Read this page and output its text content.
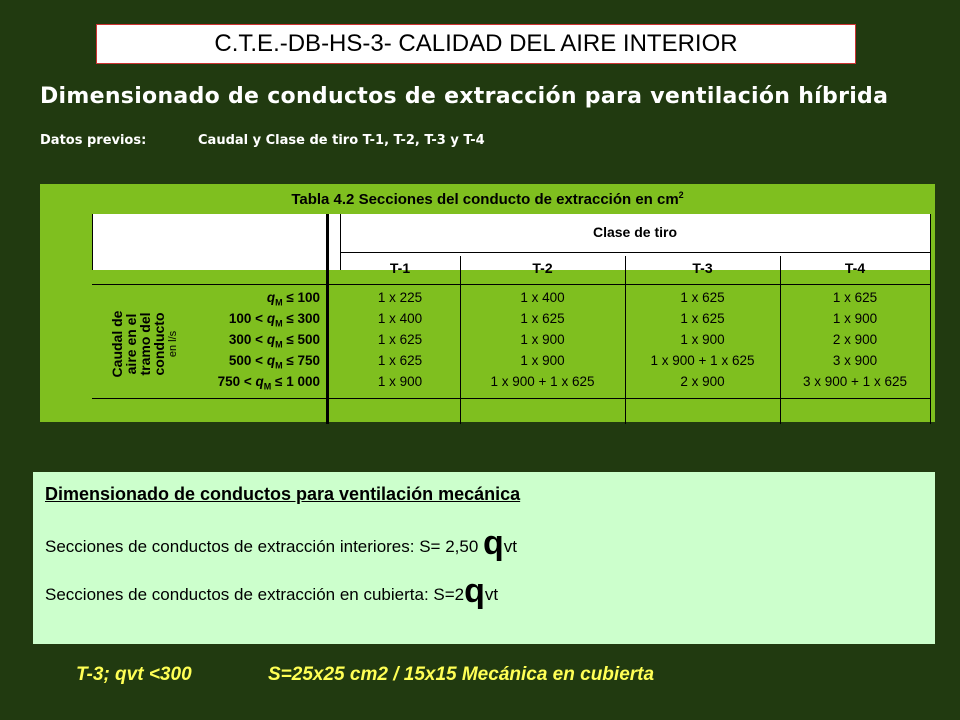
C.T.E.-DB-HS-3- CALIDAD DEL AIRE INTERIOR
Dimensionado de conductos de extracción para ventilación híbrida
Datos previos:	Caudal y Clase de tiro T-1, T-2, T-3 y T-4
Tabla 4.2 Secciones del conducto de extracción en $cm^2$
Clase de tiro
T-1	T-2	T-3	T-4
Caudal de
aire en el
tramo del
conducto en l/s
$q_M \le 100$	1 x 225	1 x 400	1 x 625	1 x 625
$100 < q_M \le 300$	1 x 400	1 x 625	1 x 625	1 x 900
$300 < q_M \le 500$	1 x 625	1 x 900	1 x 900	2 x 900
$500 < q_M \le 750$	1 x 625	1 x 900	1 x 900 + 1 x 625	3 x 900
$750 < q_M \le 1$ 000	1 x 900	1 x 900 + 1 x 625	2 x 900	3 x 900 + 1 x 625
Dimensionado de conductos para ventilación mecánica
Secciones de conductos de extracción interiores: S= 2,50 qvt
Secciones de conductos de extracción en cubierta: S=2qvt
T-3; qvt <300	S=25x25 cm2 / 15x15 Mecánica en cubierta
